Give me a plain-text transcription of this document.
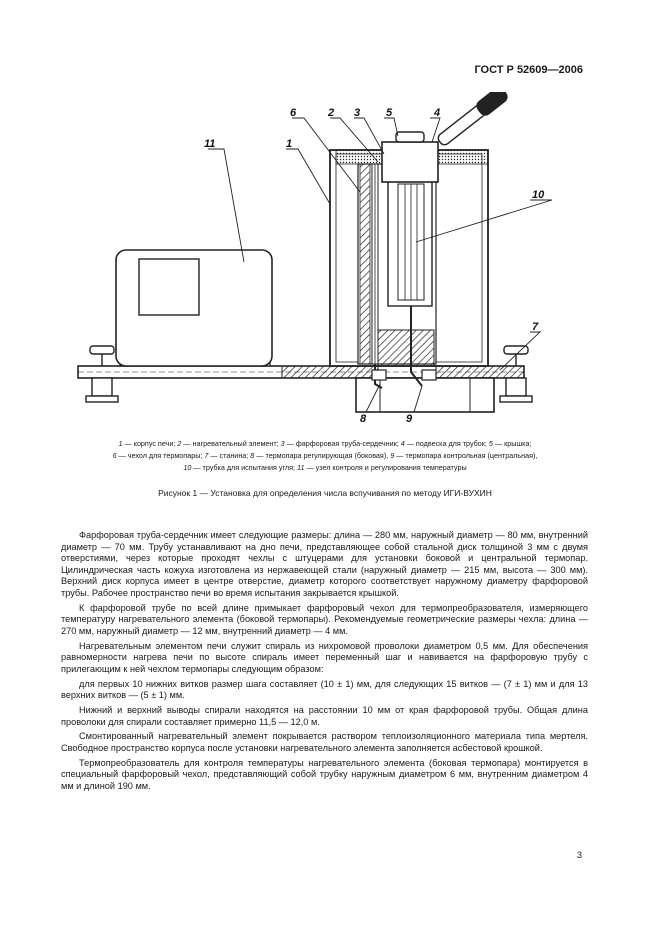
ГОСТ Р 52609—2006
11	1
6	2 3 5	4
10
7
8	9
1 — корпус печи; 2 — нагревательный элемент; 3 — фарфоровая труба-сердечник; 4 — подвеска для трубок; 5 — крышка;
6 — чехол для термопары; 7 — станина; 8 — термопара регулирующая (боковая), 9 — термопара контрольная (центральная),
10 — трубка для испытания угля; 11 — узел контроля и регулирования температуры
Рисунок 1 — Установка для определения числа вспучивания по методу ИГИ-ВУХИН

Фарфоровая труба-сердечник имеет следующие размеры: длина — 280 мм, наружный диаметр — 80 мм, внутренний диаметр — 70 мм. Трубу устанавливают на дно печи, представляющее собой стальной диск толщиной 3 мм с двумя отверстиями, через которые проходят чехлы с штуцерами для установки боковой и центральной термопар. Цилиндрическая часть кожуха изготовлена из нержавеющей стали (наружный диаметр — 215 мм, высота — 300 мм). Верхний диск корпуса имеет в центре отверстие, диаметр которого соответствует наружному диаметру фарфоровой трубы. Рабочее пространство печи во время испытания закрывается крышкой.

К фарфоровой трубе по всей длине примыкает фарфоровый чехол для термопреобразователя, измеряющего температуру нагревательного элемента (боковой термопары). Рекомендуемые геометрические размеры чехла: длина — 270 мм, наружный диаметр — 12 мм, внутренний диаметр — 4 мм.

Нагревательным элементом печи служит спираль из нихромовой проволоки диаметром 0,5 мм. Для обеспечения равномерности нагрева печи по высоте спираль имеет переменный шаг и навивается на фарфоровую трубу с прилегающим к ней чехлом термопары следующим образом:

для первых 10 нижних витков размер шага составляет (10 ± 1) мм, для следующих 15 витков — (7 ± 1) мм и для 13 верхних витков — (5 ± 1) мм.

Нижний и верхний выводы спирали находятся на расстоянии 10 мм от края фарфоровой трубы. Общая длина проволоки для спирали составляет примерно 11,5 — 12,0 м.

Смонтированный нагревательный элемент покрывается раствором теплоизоляционного материала типа мертеля. Свободное пространство корпуса после установки нагревательного элемента заполняется асбестовой крошкой.

Термопреобразователь для контроля температуры нагревательного элемента (боковая термопара) монтируется в специальный фарфоровый чехол, представляющий собой трубку наружным диаметром 6 мм, внутренним диаметром 4 мм и длиной 190 мм.

3
